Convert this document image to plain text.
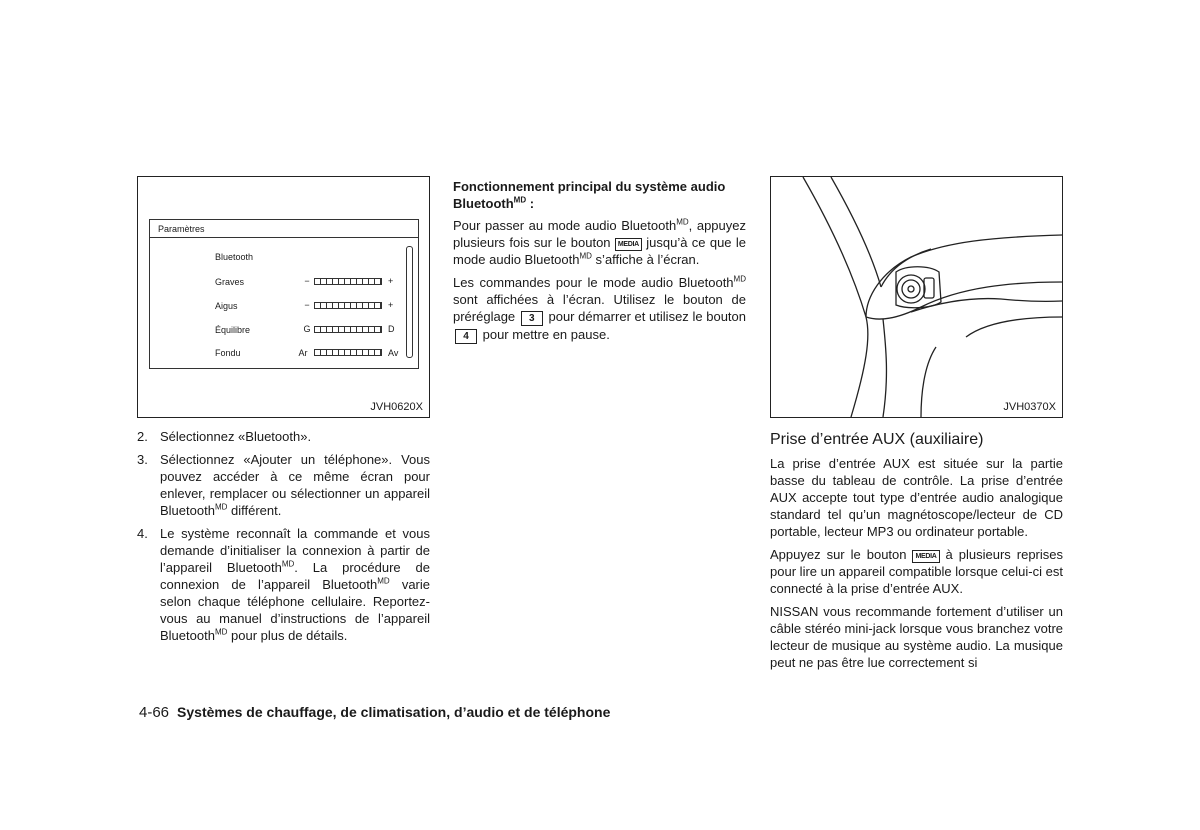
Paramètres
Bluetooth
Graves	−	+
Aigus	−	+
Équilibre	G	D
Fondu	Ar	Av
JVH0620X
2. Sélectionnez «Bluetooth».
3. Sélectionnez «Ajouter un téléphone». Vous pouvez accéder à ce même écran pour enlever, remplacer ou sélectionner un appareil Bluetooth$^{MD}$ différent.
4. Le système reconnaît la commande et vous demande d’initialiser la connexion à partir de l’appareil Bluetooth$^{MD}$. La procédure de connexion de l’appareil Bluetooth$^{MD}$ varie selon chaque téléphone cellulaire. Reportez-vous au manuel d’instructions de l’appareil Bluetooth$^{MD}$ pour plus de détails.

Fonctionnement principal du système audio Bluetooth$^{MD}$ :

Pour passer au mode audio Bluetooth$^{MD}$, appuyez plusieurs fois sur le bouton MEDIA jusqu’à ce que le mode audio Bluetooth$^{MD}$ s’affiche à l’écran.

Les commandes pour le mode audio Bluetooth$^{MD}$ sont affichées à l’écran. Utilisez le bouton de préréglage 3 pour démarrer et utilisez le bouton 4 pour mettre en pause.

JVH0370X
Prise d’entrée AUX (auxiliaire)

La prise d’entrée AUX est située sur la partie basse du tableau de contrôle. La prise d’entrée AUX accepte tout type d’entrée audio analogique standard tel qu’un magnétoscope/lecteur de CD portable, lecteur MP3 ou ordinateur portable.

Appuyez sur le bouton MEDIA à plusieurs reprises pour lire un appareil compatible lorsque celui-ci est connecté à la prise d’entrée AUX.

NISSAN vous recommande fortement d’utiliser un câble stéréo mini-jack lorsque vous branchez votre lecteur de musique au système audio. La musique peut ne pas être lue correctement si

4-66 Systèmes de chauffage, de climatisation, d’audio et de téléphone
